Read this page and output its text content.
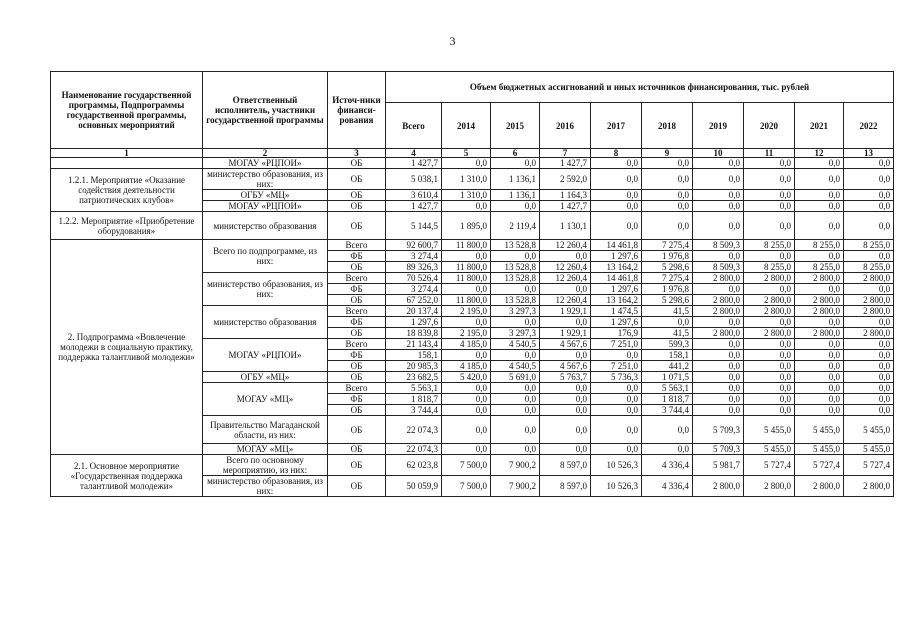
3
Наименование государственной программы, Подпрограммы государственной программы, основных мероприятий	Ответственный исполнитель, участники государственной программы	Источ-ники финанси-рования	Объем бюджетных ассигнований и иных источников финансирования, тыс. рублей									
			Всего	2014	2015	2016	2017	2018	2019	2020	2021	2022
1	2	3	4	5	6	7	8	9	10	11	12	13
	МОГАУ «РЦПОИ»	ОБ	1 427,7	0,0	0,0	1 427,7	0,0	0,0	0,0	0,0	0,0	0,0
1.2.1. Мероприятие «Оказание содействия деятельности патриотических клубов»	министерство образования, из них:	ОБ	5 038,1	1 310,0	1 136,1	2 592,0	0,0	0,0	0,0	0,0	0,0	0,0
	ОГБУ «МЦ»	ОБ	3 610,4	1 310,0	1 136,1	1 164,3	0,0	0,0	0,0	0,0	0,0	0,0
	МОГАУ «РЦПОИ»	ОБ	1 427,7	0,0	0,0	1 427,7	0,0	0,0	0,0	0,0	0,0	0,0
1.2.2. Мероприятие «Приобретение оборудования»	министерство образования	ОБ	5 144,5	1 895,0	2 119,4	1 130,1	0,0	0,0	0,0	0,0	0,0	0,0
2. Подпрограмма «Вовлечение молодежи в социальную практику, поддержка талантливой молодежи»	Всего по подпрограмме, из них:	Всего	92 600,7	11 800,0	13 528,8	12 260,4	14 461,8	7 275,4	8 509,3	8 255,0	8 255,0	8 255,0
		ФБ	3 274,4	0,0	0,0	0,0	1 297,6	1 976,8	0,0	0,0	0,0	0,0
		ОБ	89 326,3	11 800,0	13 528,8	12 260,4	13 164,2	5 298,6	8 509,3	8 255,0	8 255,0	8 255,0
	министерство образования, из них:	Всего	70 526,4	11 800,0	13 528,8	12 260,4	14 461,8	7 275,4	2 800,0	2 800,0	2 800,0	2 800,0
		ФБ	3 274,4	0,0	0,0	0,0	1 297,6	1 976,8	0,0	0,0	0,0	0,0
		ОБ	67 252,0	11 800,0	13 528,8	12 260,4	13 164,2	5 298,6	2 800,0	2 800,0	2 800,0	2 800,0
	министерство образования	Всего	20 137,4	2 195,0	3 297,3	1 929,1	1 474,5	41,5	2 800,0	2 800,0	2 800,0	2 800,0
		ФБ	1 297,6	0,0	0,0	0,0	1 297,6	0,0	0,0	0,0	0,0	0,0
		ОБ	18 839,8	2 195,0	3 297,3	1 929,1	176,9	41,5	2 800,0	2 800,0	2 800,0	2 800,0
	МОГАУ «РЦПОИ»	Всего	21 143,4	4 185,0	4 540,5	4 567,6	7 251,0	599,3	0,0	0,0	0,0	0,0
		ФБ	158,1	0,0	0,0	0,0	0,0	158,1	0,0	0,0	0,0	0,0
		ОБ	20 985,3	4 185,0	4 540,5	4 567,6	7 251,0	441,2	0,0	0,0	0,0	0,0
	ОГБУ «МЦ»	ОБ	23 682,5	5 420,0	5 691,0	5 763,7	5 736,3	1 071,5	0,0	0,0	0,0	0,0
	МОГАУ «МЦ»	Всего	5 563,1	0,0	0,0	0,0	0,0	5 563,1	0,0	0,0	0,0	0,0
		ФБ	1 818,7	0,0	0,0	0,0	0,0	1 818,7	0,0	0,0	0,0	0,0
		ОБ	3 744,4	0,0	0,0	0,0	0,0	3 744,4	0,0	0,0	0,0	0,0
	Правительство Магаданской области, из них:	ОБ	22 074,3	0,0	0,0	0,0	0,0	0,0	5 709,3	5 455,0	5 455,0	5 455,0
	МОГАУ «МЦ»	ОБ	22 074,3	0,0	0,0	0,0	0,0	0,0	5 709,3	5 455,0	5 455,0	5 455,0
2.1. Основное мероприятие «Государственная поддержка талантливой молодежи»	Всего по основному мероприятию, из них:	ОБ	62 023,8	7 500,0	7 900,2	8 597,0	10 526,3	4 336,4	5 981,7	5 727,4	5 727,4	5 727,4
	министерство образования, из них:	ОБ	50 059,9	7 500,0	7 900,2	8 597,0	10 526,3	4 336,4	2 800,0	2 800,0	2 800,0	2 800,0
